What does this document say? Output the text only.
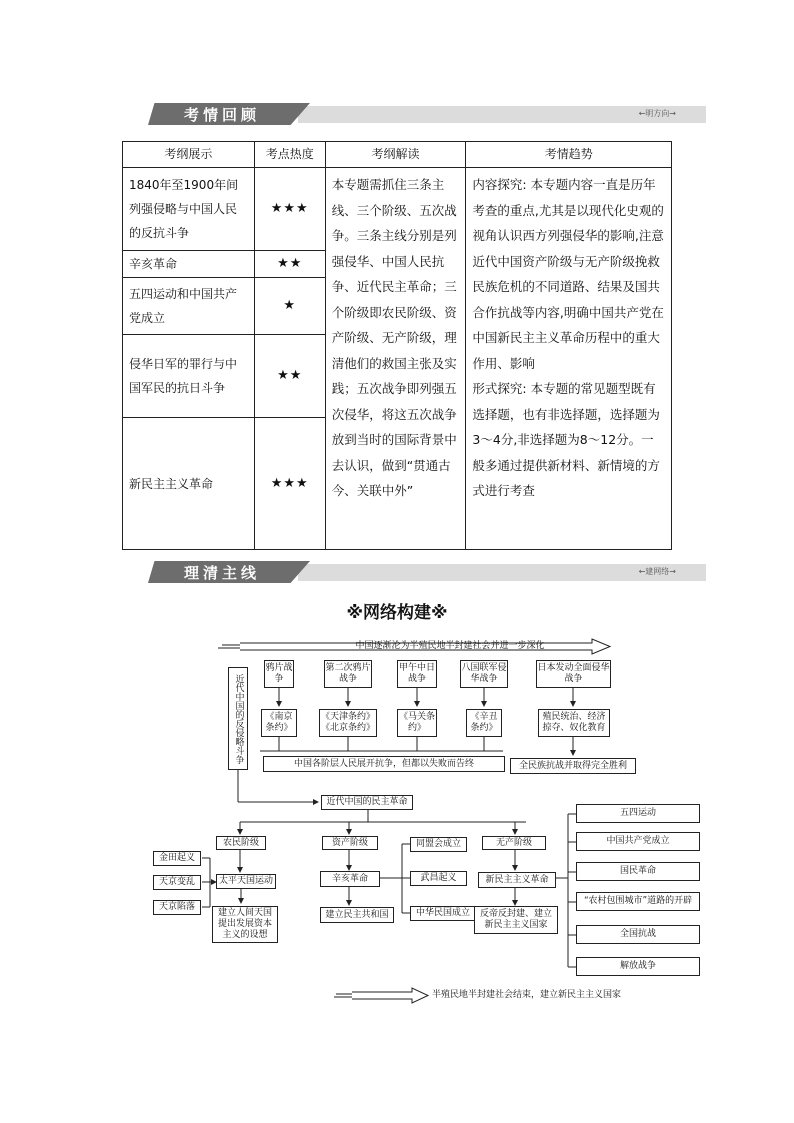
考情回顾	←明方向→
考纲展示	考点热度	考纲解读	考情趋势
1840年至1900年间列强侵略与中国人民的反抗斗争	★★★	本专题需抓住三条主线、三个阶级、五次战争。三条主线分别是列强侵华、中国人民抗争、近代民主革命；三个阶级即农民阶级、资产阶级、无产阶级，理清他们的救国主张及实践；五次战争即列强五次侵华，将这五次战争放到当时的国际背景中去认识，做到“贯通古今、关联中外”	内容探究: 本专题内容一直是历年考查的重点,尤其是以现代化史观的视角认识西方列强侵华的影响,注意近代中国资产阶级与无产阶级挽救民族危机的不同道路、结果及国共合作抗战等内容,明确中国共产党在中国新民主主义革命历程中的重大作用、影响
形式探究: 本专题的常见题型既有选择题，也有非选择题，选择题为3～4分,非选择题为8～12分。一般多通过提供新材料、新情境的方式进行考查
辛亥革命	★★		
五四运动和中国共产党成立	★		
侵华日军的罪行与中国军民的抗日斗争	★★		
新民主主义革命	★★★		
理清主线	←建网络→
※网络构建※
中国逐渐沦为半殖民地半封建社会并进一步深化
近代中国的反侵略斗争
鸦片战争
第二次鸦片战争
甲午中日战争
八国联军侵华战争
日本发动全面侵华战争
《南京条约》
《天津条约》《北京条约》
《马关条约》
《辛丑条约》
殖民统治、经济掠夺、奴化教育
中国各阶层人民展开抗争，但都以失败而告终	全民族抗战并取得完全胜利
近代中国的民主革命
农民阶级	资产阶级	无产阶级
金田起义
天京变乱
天京陷落
太平天国运动
建立人间天国提出发展资本主义的设想
辛亥革命
建立民主共和国
同盟会成立
武昌起义
中华民国成立
新民主主义革命
反帝反封建、建立新民主主义国家
五四运动
中国共产党成立
国民革命
“农村包围城市”道路的开辟
全国抗战
解放战争
半殖民地半封建社会结束，建立新民主主义国家
